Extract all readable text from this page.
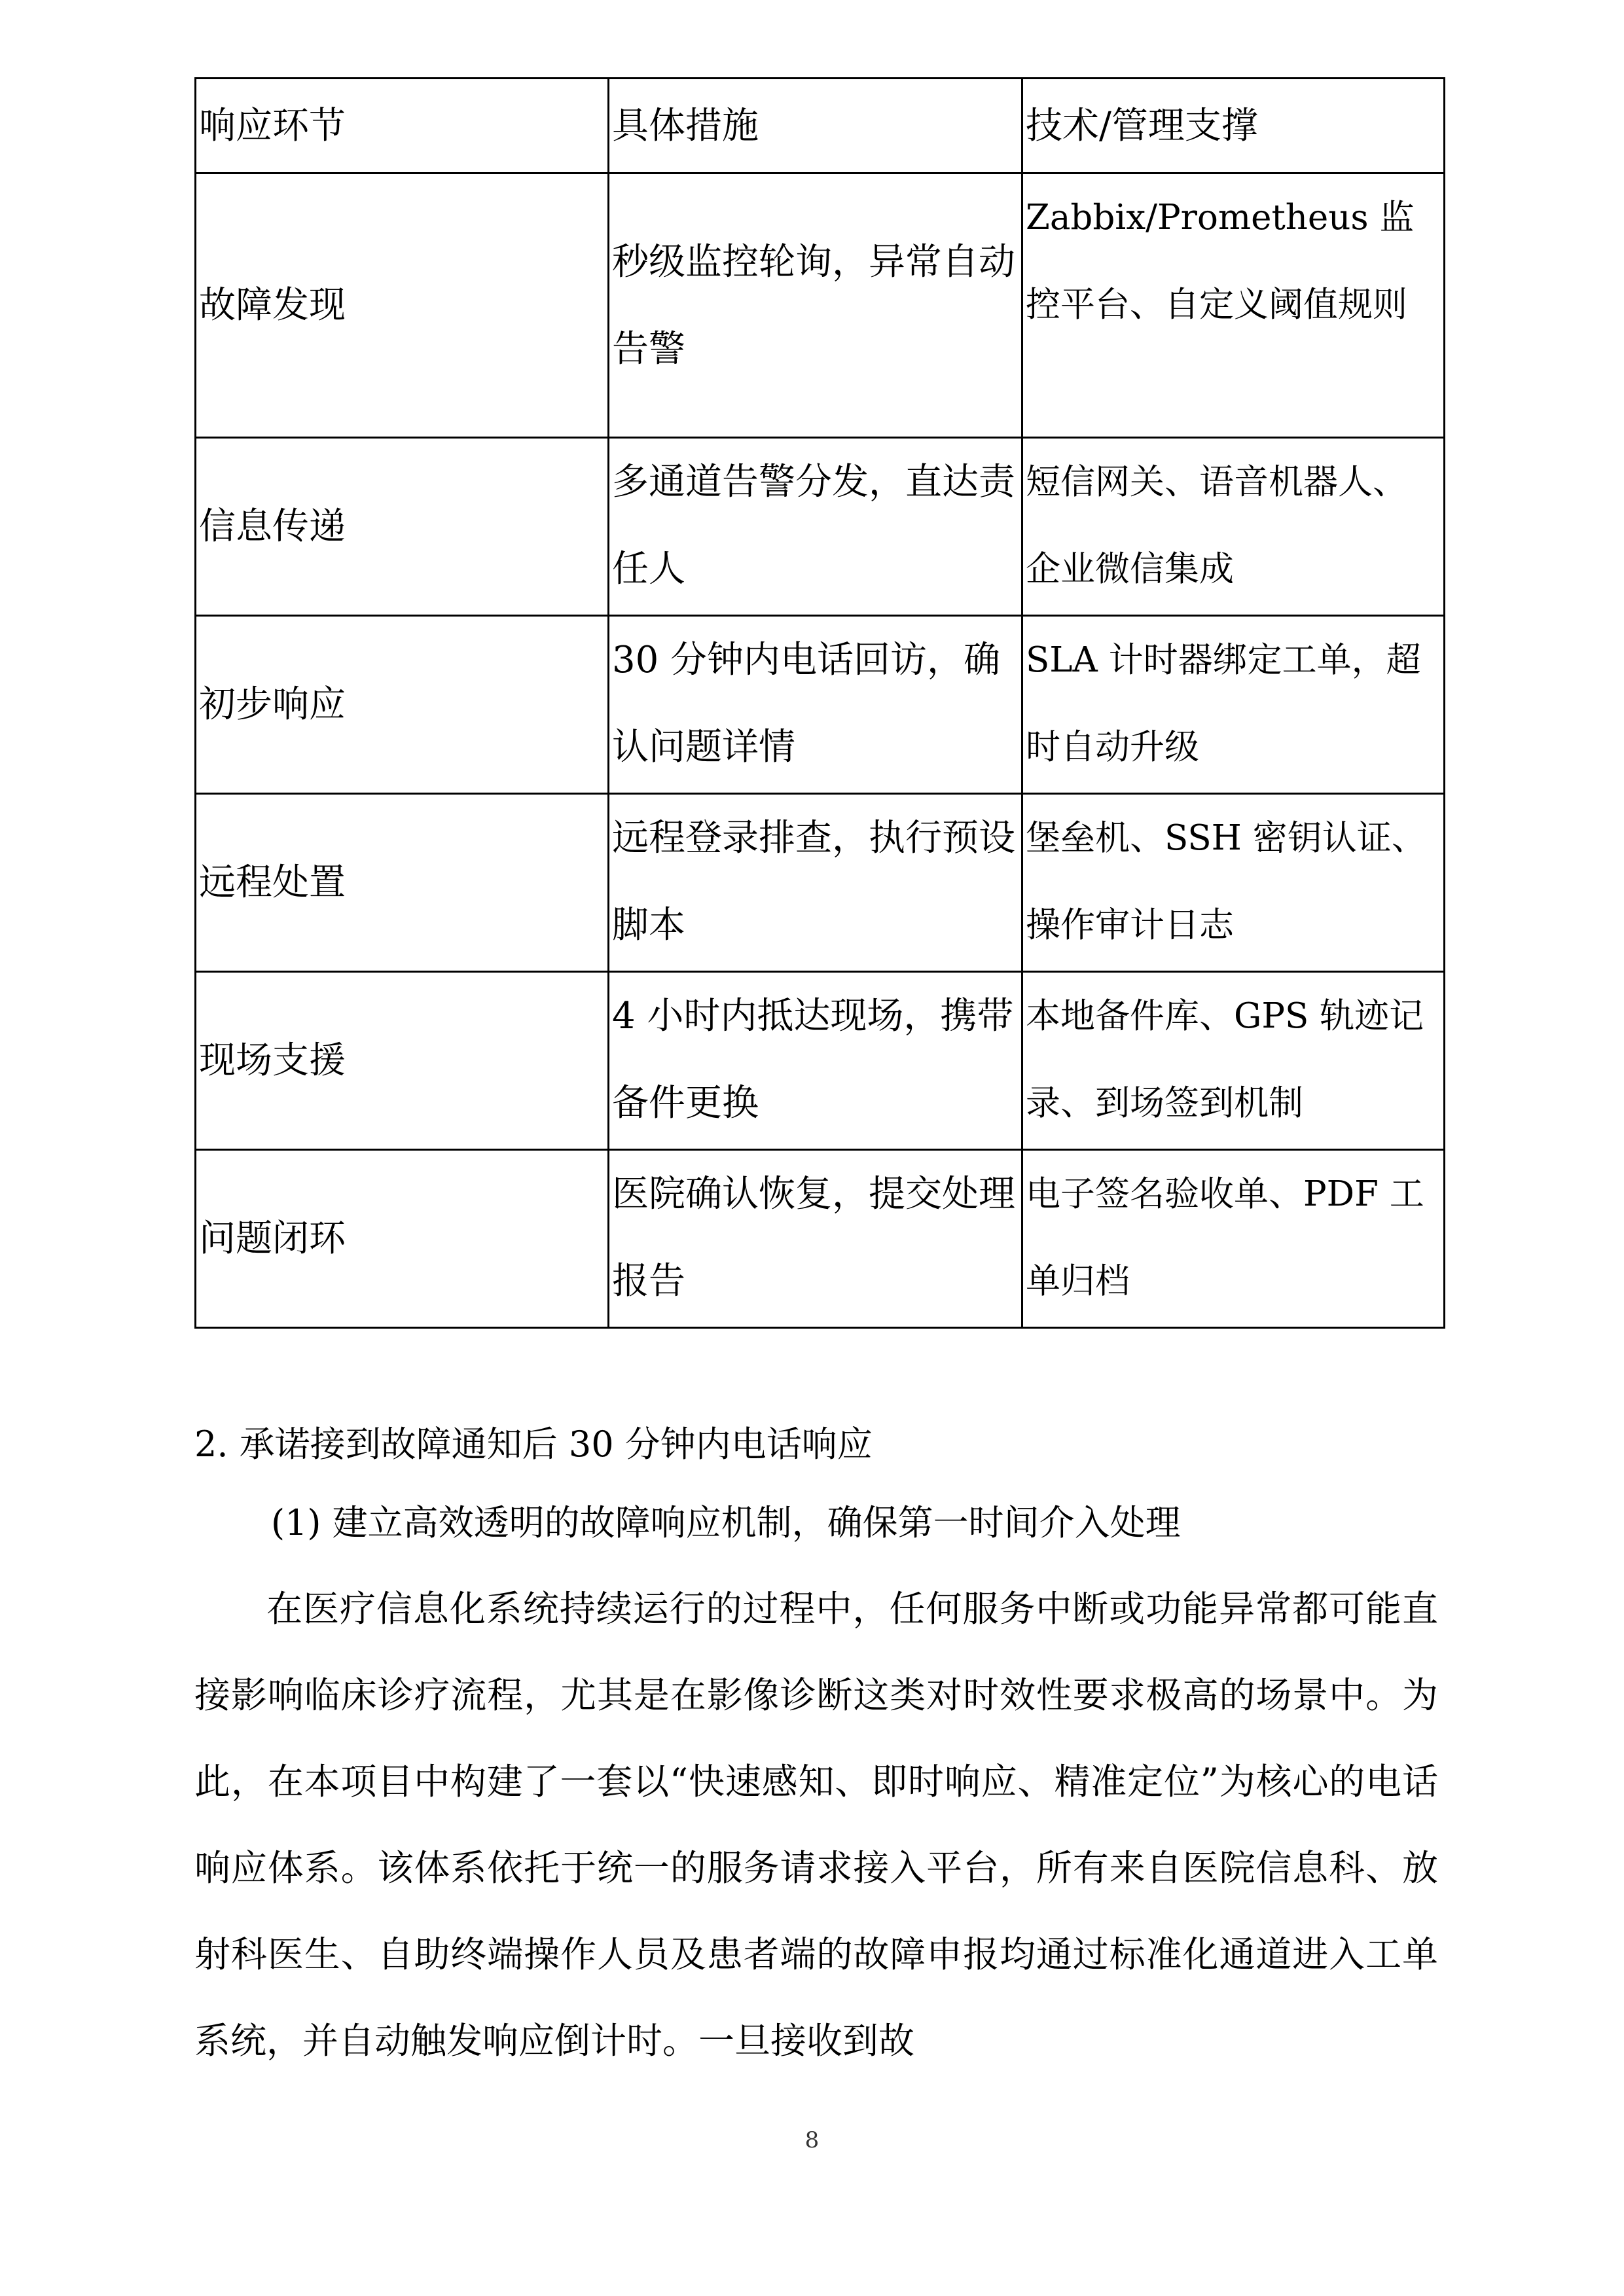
响应环节	具体措施	技术/管理支撑
故障发现	秒级监控轮询，异常自动告警	Zabbix/Prometheus 监控平台、自定义阈值规则
信息传递	多通道告警分发，直达责任人	短信网关、语音机器人、企业微信集成
初步响应	30 分钟内电话回访，确认问题详情	SLA 计时器绑定工单，超时自动升级
远程处置	远程登录排查，执行预设脚本	堡垒机、SSH 密钥认证、操作审计日志
现场支援	4 小时内抵达现场，携带备件更换	本地备件库、GPS 轨迹记录、到场签到机制
问题闭环	医院确认恢复，提交处理报告	电子签名验收单、PDF 工单归档
2. 承诺接到故障通知后 30 分钟内电话响应
(1) 建立高效透明的故障响应机制，确保第一时间介入处理

在医疗信息化系统持续运行的过程中，任何服务中断或功能异常都可能直接影响临床诊疗流程，尤其是在影像诊断这类对时效性要求极高的场景中。为此，在本项目中构建了一套以“快速感知、即时响应、精准定位”为核心的电话响应体系。该体系依托于统一的服务请求接入平台，所有来自医院信息科、放射科医生、自助终端操作人员及患者端的故障申报均通过标准化通道进入工单系统，并自动触发响应倒计时。一旦接收到故

8
